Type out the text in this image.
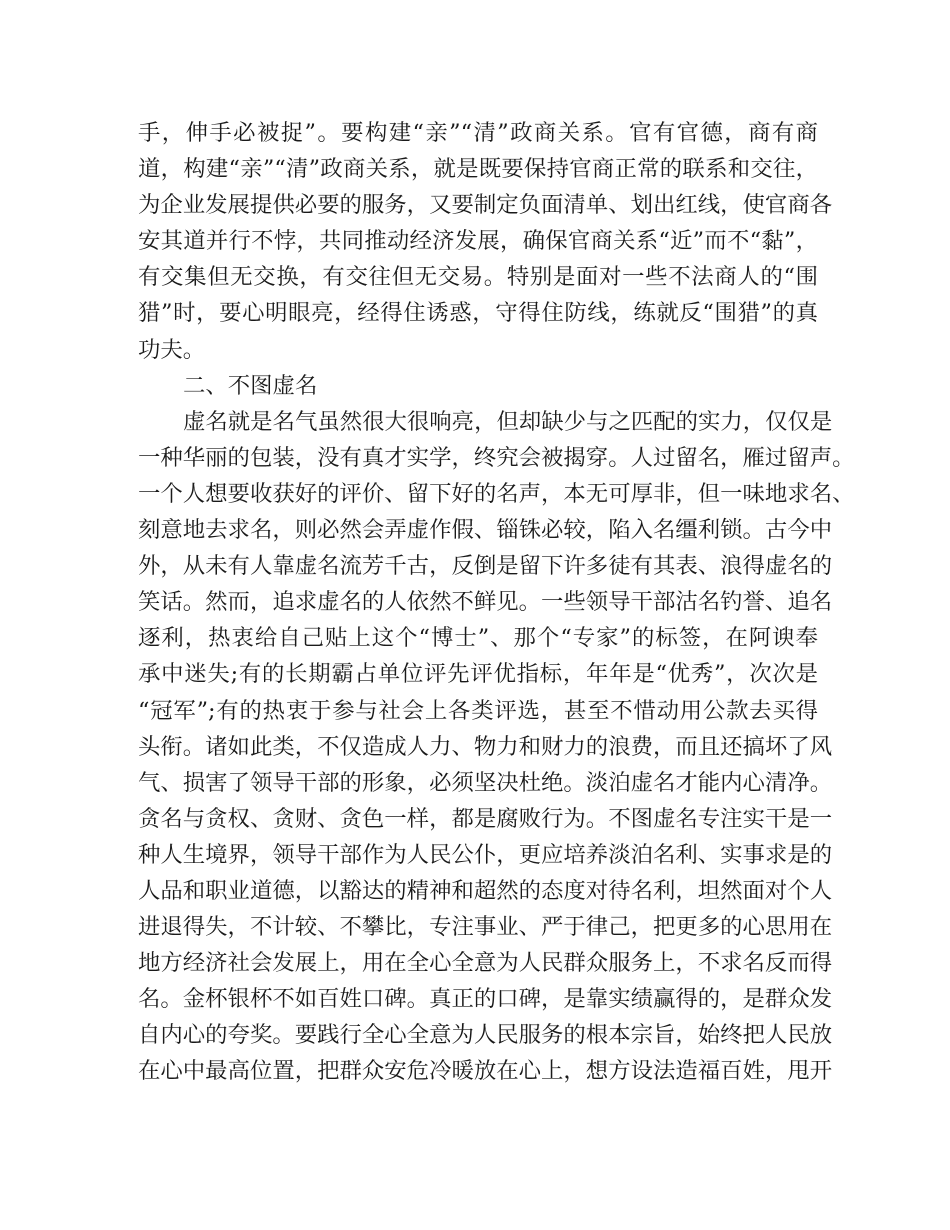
手，伸手必被捉”。要构建“亲”“清”政商关系。官有官德，商有商
道，构建“亲”“清”政商关系，就是既要保持官商正常的联系和交往，
为企业发展提供必要的服务，又要制定负面清单、划出红线，使官商各
安其道并行不悖，共同推动经济发展，确保官商关系“近”而不“黏”，
有交集但无交换，有交往但无交易。特别是面对一些不法商人的“围
猎”时，要心明眼亮，经得住诱惑，守得住防线，练就反“围猎”的真
功夫。
二、不图虚名
虚名就是名气虽然很大很响亮，但却缺少与之匹配的实力，仅仅是
一种华丽的包装，没有真才实学，终究会被揭穿。人过留名，雁过留声。
一个人想要收获好的评价、留下好的名声，本无可厚非，但一味地求名、
刻意地去求名，则必然会弄虚作假、锱铢必较，陷入名缰利锁。古今中
外，从未有人靠虚名流芳千古，反倒是留下许多徒有其表、浪得虚名的
笑话。然而，追求虚名的人依然不鲜见。一些领导干部沽名钓誉、追名
逐利，热衷给自己贴上这个“博士”、那个“专家”的标签，在阿谀奉
承中迷失;有的长期霸占单位评先评优指标，年年是“优秀”，次次是
“冠军”;有的热衷于参与社会上各类评选，甚至不惜动用公款去买得
头衔。诸如此类，不仅造成人力、物力和财力的浪费，而且还搞坏了风
气、损害了领导干部的形象，必须坚决杜绝。淡泊虚名才能内心清净。
贪名与贪权、贪财、贪色一样，都是腐败行为。不图虚名专注实干是一
种人生境界，领导干部作为人民公仆，更应培养淡泊名利、实事求是的
人品和职业道德，以豁达的精神和超然的态度对待名利，坦然面对个人
进退得失，不计较、不攀比，专注事业、严于律己，把更多的心思用在
地方经济社会发展上，用在全心全意为人民群众服务上，不求名反而得
名。金杯银杯不如百姓口碑。真正的口碑，是靠实绩赢得的，是群众发
自内心的夸奖。要践行全心全意为人民服务的根本宗旨，始终把人民放
在心中最高位置，把群众安危冷暖放在心上，想方设法造福百姓，甩开
